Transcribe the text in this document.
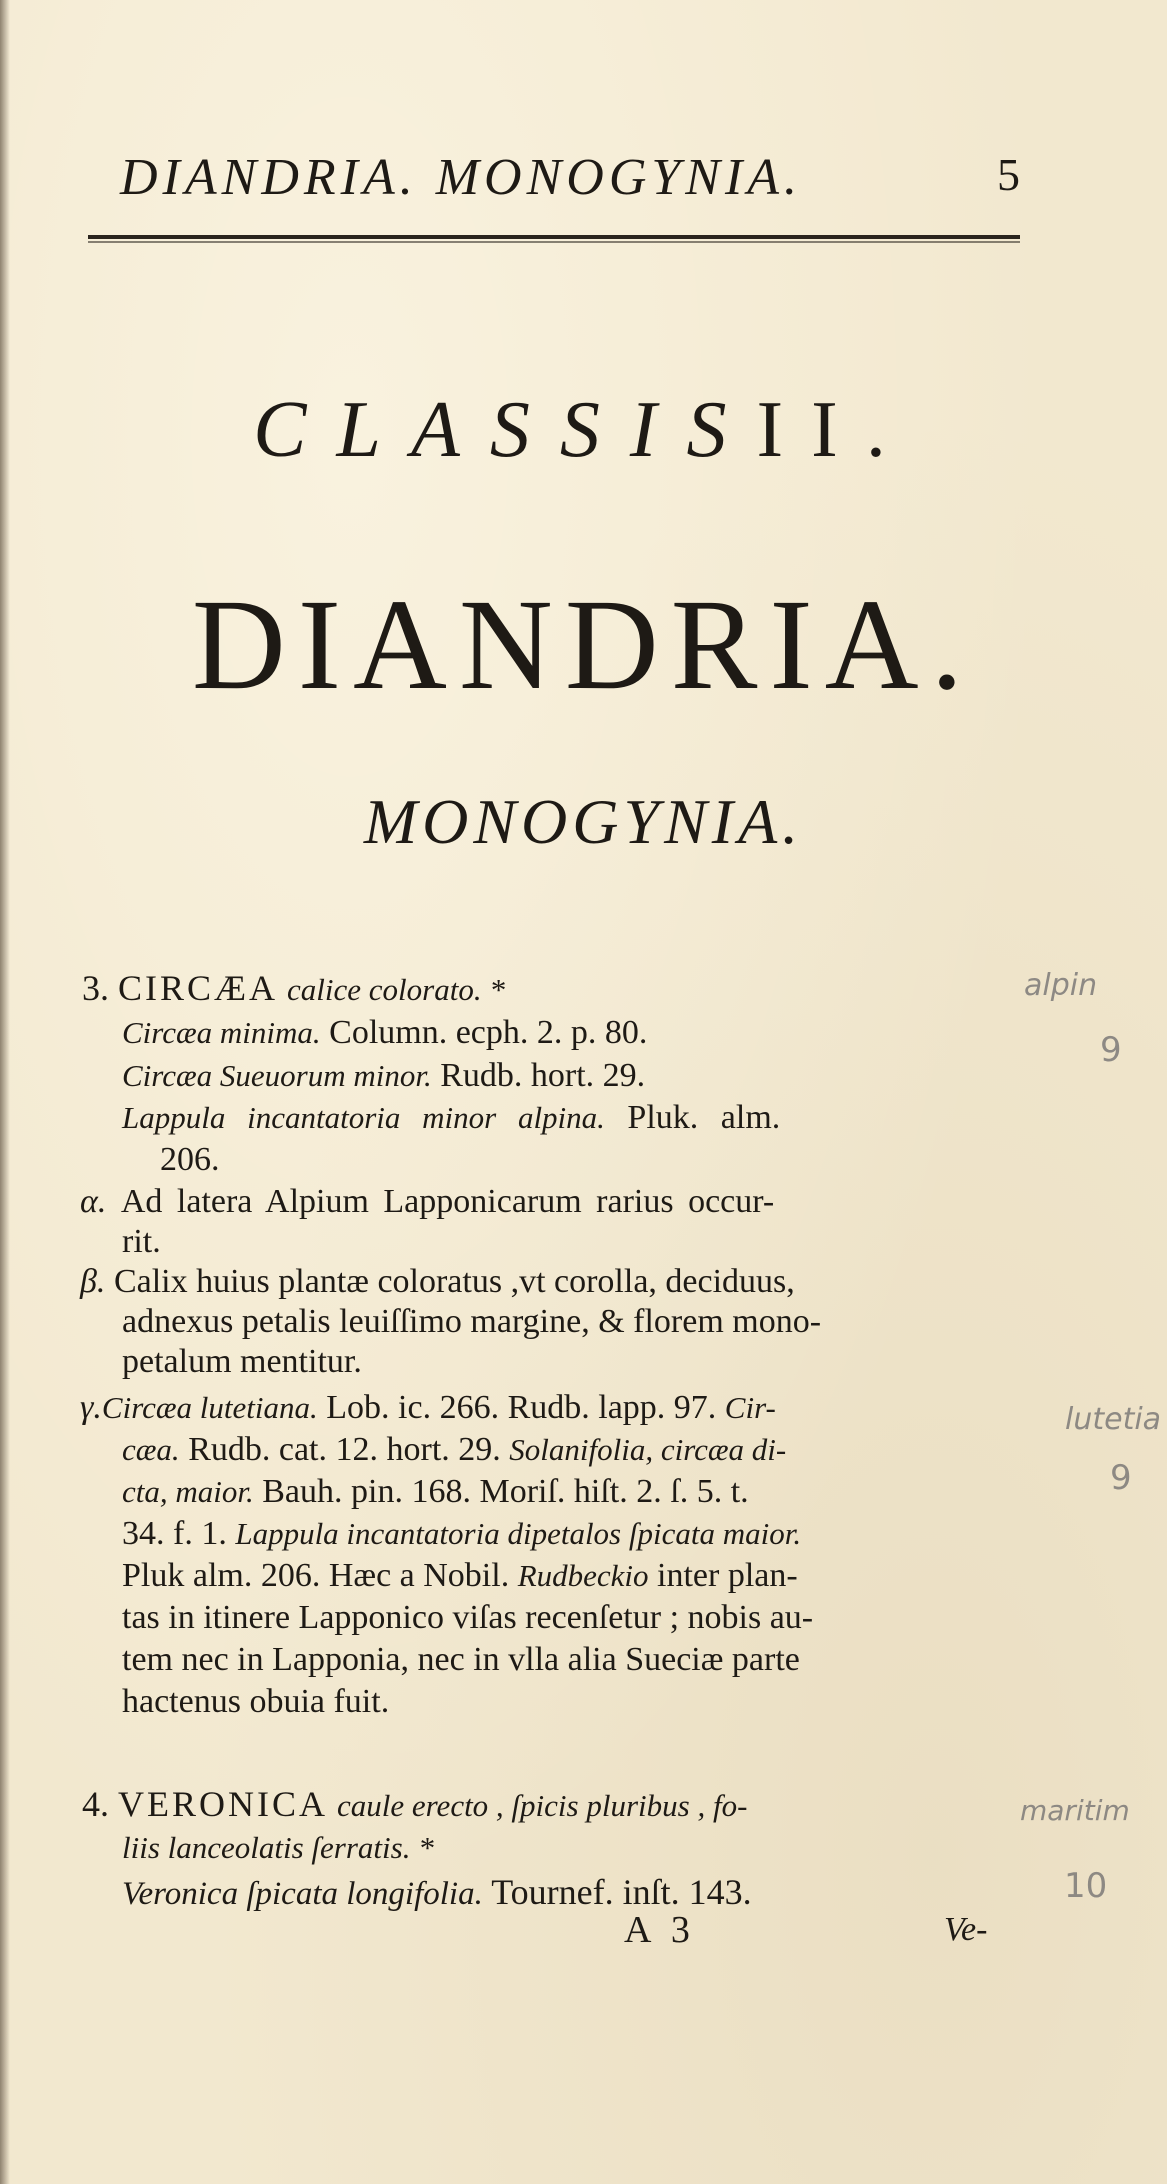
DIANDRIA. MONOGYNIA.	5
CLASSISII.
DIANDRIA.
MONOGYNIA.
3. CIRCÆA calice colorato. *
Circæa minima. Column. ecph. 2. p. 80.
Circæa Sueuorum minor. Rudb. hort. 29.
Lappula incantatoria minor alpina. Pluk. alm.
206.
α. Ad latera Alpium Lapponicarum rarius occur-
rit.
β. Calix huius plantæ coloratus ,vt corolla, deciduus,
adnexus petalis leuiſſimo margine, & florem mono-
petalum mentitur.
γ.Circæa lutetiana. Lob. ic. 266. Rudb. lapp. 97. Cir-
cæa. Rudb. cat. 12. hort. 29. Solanifolia, circæa di-
cta, maior. Bauh. pin. 168. Moriſ. hiſt. 2. ſ. 5. t.
34. f. 1. Lappula incantatoria dipetalos ſpicata maior.
Pluk alm. 206. Hæc a Nobil. Rudbeckio inter plan-
tas in itinere Lapponico viſas recenſetur ; nobis au-
tem nec in Lapponia, nec in vlla alia Sueciæ parte
hactenus obuia fuit.
4. VERONICA caule erecto , ſpicis pluribus , fo-
liis lanceolatis ſerratis. *
Veronica ſpicata longifolia. Tournef. inſt. 143.
A 3	Ve-
alpin
9
lutetia
9
maritim
10
